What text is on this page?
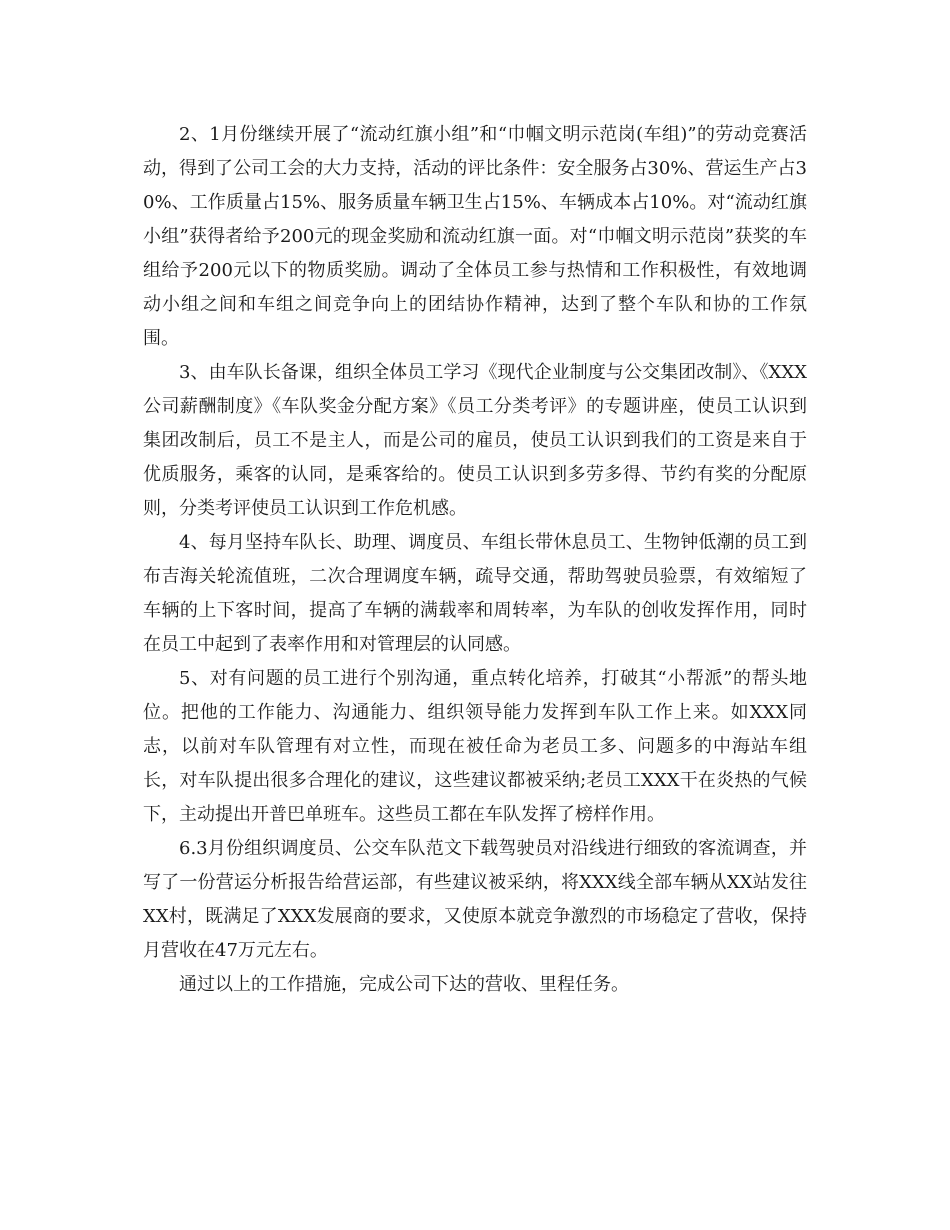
2、1月份继续开展了“流动红旗小组”和“巾帼文明示范岗(车组)”的劳动竞赛活动，得到了公司工会的大力支持，活动的评比条件：安全服务占30%、营运生产占30%、工作质量占15%、服务质量车辆卫生占15%、车辆成本占10%。对“流动红旗小组”获得者给予200元的现金奖励和流动红旗一面。对“巾帼文明示范岗”获奖的车组给予200元以下的物质奖励。调动了全体员工参与热情和工作积极性，有效地调动小组之间和车组之间竞争向上的团结协作精神，达到了整个车队和协的工作氛围。

3、由车队长备课，组织全体员工学习《现代企业制度与公交集团改制》、《XXX公司薪酬制度》《车队奖金分配方案》《员工分类考评》的专题讲座，使员工认识到集团改制后，员工不是主人，而是公司的雇员，使员工认识到我们的工资是来自于优质服务，乘客的认同，是乘客给的。使员工认识到多劳多得、节约有奖的分配原则，分类考评使员工认识到工作危机感。

4、每月坚持车队长、助理、调度员、车组长带休息员工、生物钟低潮的员工到布吉海关轮流值班，二次合理调度车辆，疏导交通，帮助驾驶员验票，有效缩短了车辆的上下客时间，提高了车辆的满载率和周转率，为车队的创收发挥作用，同时在员工中起到了表率作用和对管理层的认同感。

5、对有问题的员工进行个别沟通，重点转化培养，打破其“小帮派”的帮头地位。把他的工作能力、沟通能力、组织领导能力发挥到车队工作上来。如XXX同志，以前对车队管理有对立性，而现在被任命为老员工多、问题多的中海站车组长，对车队提出很多合理化的建议，这些建议都被采纳;老员工XXX干在炎热的气候下，主动提出开普巴单班车。这些员工都在车队发挥了榜样作用。

6.3月份组织调度员、公交车队范文下载驾驶员对沿线进行细致的客流调查，并写了一份营运分析报告给营运部，有些建议被采纳，将XXX线全部车辆从XX站发往XX村，既满足了XXX发展商的要求，又使原本就竞争激烈的市场稳定了营收，保持月营收在47万元左右。

通过以上的工作措施，完成公司下达的营收、里程任务。
